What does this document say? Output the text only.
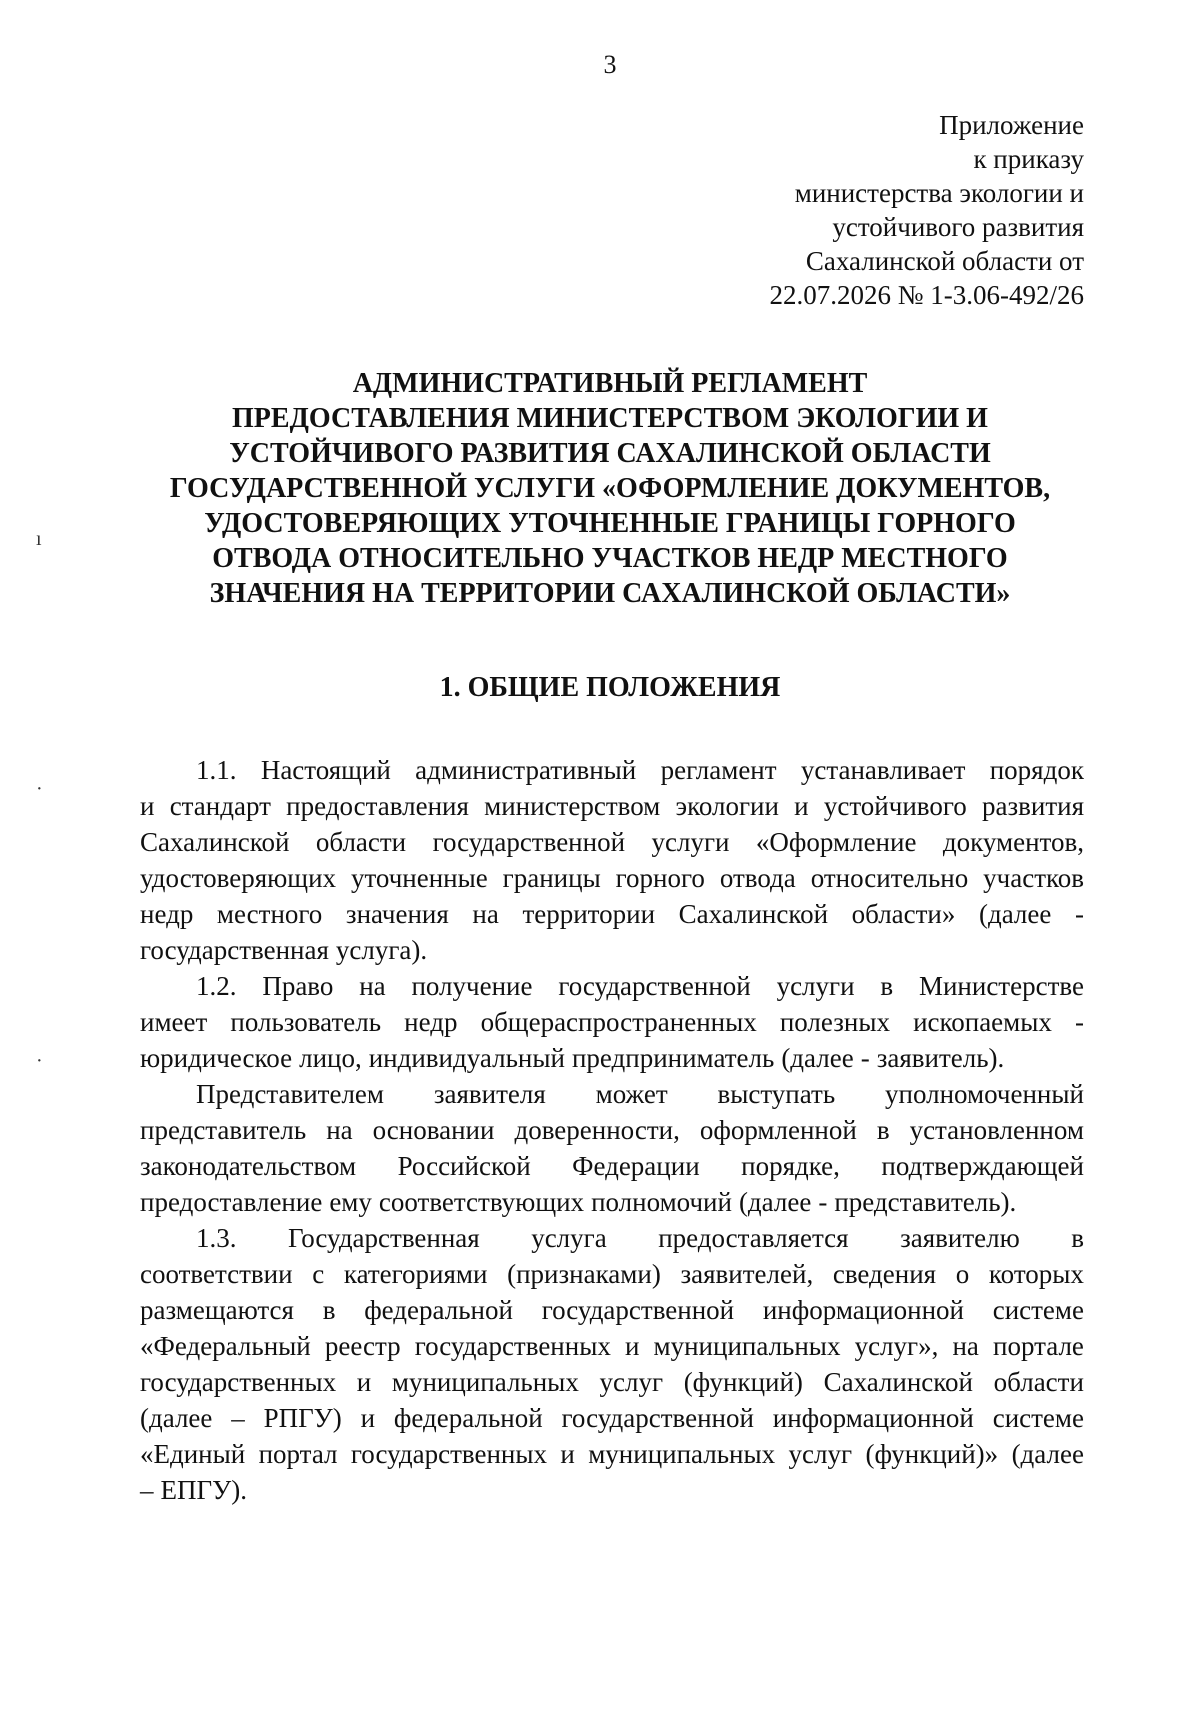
3
Приложение
к приказу
министерства экологии и
устойчивого развития
Сахалинской области от
22.07.2026 № 1-3.06-492/26
АДМИНИСТРАТИВНЫЙ РЕГЛАМЕНТ
ПРЕДОСТАВЛЕНИЯ МИНИСТЕРСТВОМ ЭКОЛОГИИ И
УСТОЙЧИВОГО РАЗВИТИЯ САХАЛИНСКОЙ ОБЛАСТИ
ГОСУДАРСТВЕННОЙ УСЛУГИ «ОФОРМЛЕНИЕ ДОКУМЕНТОВ,
УДОСТОВЕРЯЮЩИХ УТОЧНЕННЫЕ ГРАНИЦЫ ГОРНОГО
ОТВОДА ОТНОСИТЕЛЬНО УЧАСТКОВ НЕДР МЕСТНОГО
ЗНАЧЕНИЯ НА ТЕРРИТОРИИ САХАЛИНСКОЙ ОБЛАСТИ»
1. ОБЩИЕ ПОЛОЖЕНИЯ
1.1. Настоящий административный регламент устанавливает порядок
и стандарт предоставления министерством экологии и устойчивого развития
Сахалинской области государственной услуги «Оформление документов,
удостоверяющих уточненные границы горного отвода относительно участков
недр местного значения на территории Сахалинской области» (далее -
государственная услуга).
1.2. Право на получение государственной услуги в Министерстве
имеет пользователь недр общераспространенных полезных ископаемых -
юридическое лицо, индивидуальный предприниматель (далее - заявитель).
Представителем заявителя может выступать уполномоченный
представитель на основании доверенности, оформленной в установленном
законодательством Российской Федерации порядке, подтверждающей
предоставление ему соответствующих полномочий (далее - представитель).
1.3. Государственная услуга предоставляется заявителю в
соответствии с категориями (признаками) заявителей, сведения о которых
размещаются в федеральной государственной информационной системе
«Федеральный реестр государственных и муниципальных услуг», на портале
государственных и муниципальных услуг (функций) Сахалинской области
(далее – РПГУ) и федеральной государственной информационной системе
«Единый портал государственных и муниципальных услуг (функций)» (далее
– ЕПГУ).
ı
·
·
